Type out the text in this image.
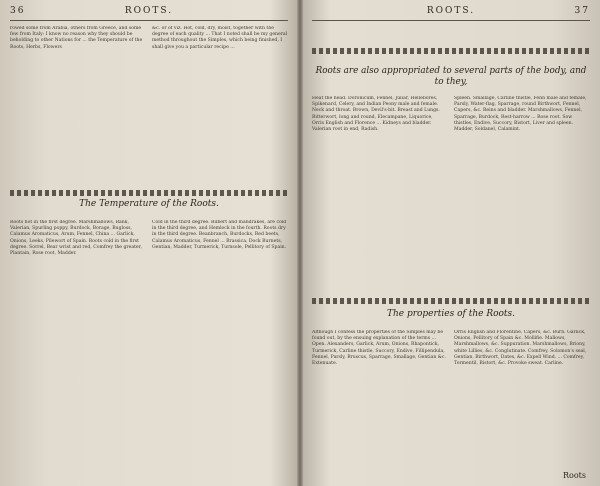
36	ROOTS.

rowed some from Arabia, others from Greece, and some few from Italy: I know no reason why they should be beholding to other Nations for ... the Temperature of the Roots, Herbs, Flowers

&c. or of viz. Hot, cold, dry, moist, together with the degree of each quality ... That I noted shall be my general method throughout the Simples, which being finished, I shall give you a particular recipe ...

The Temperature of the Roots.

Roots hot in the first degree. Marshmallows, Bank, Valerian, Spurling poppy, Burdock, Borage, Bugloss, Calamus Aromaticus, Arum, Fennel, China ... Garlick, Onions, Leeks, Pilewort of Spain. Roots cold in the first degree. Sorrel, Bear wrist and red, Comfrey the greater, Plantain, Rose root, Madder.

Cold in the third degree. Bilbert and mandrakes, are cold in the third degree, and Hemlock in the fourth. Roots dry in the third degree. Beanbranch, Burdocks, Red beets, Calamus Aromaticus, Fennel ... Brassica, Dock Burnets, Gentian, Madder, Turmerick, Turnsole, Pellitory of Spain.

ROOTS.	37
Roots are also appropriated to several parts of the body, and to they,

Heat the head. Doronicum, Fennel, Juliar, Hellebores, Spikenard, Celery, and Indian Peony male and female. Neck and throat. Brown, Devil's-bit. Breast and Lungs. Bitterwort, long and round, Elecampane, Liquorice, Orris English and Florence ... Kidneys and bladder. Valerian root in end, Radish.

Spleen. Smallage, Carline thistle, Fenn male and female, Parsly, Water-flag, Sparrage, round Birthwort, Fennel, Capers, &c. Reins and bladder. Marshmallows, Fennel, Sparrage, Burdock, Rest-harrow ... Rose root. Sow thistles, Endive, Succory, Bistort, Liver and spleen. Madder, Soldanel, Calamint.

The properties of the Roots.

Although I confess the properties of the Simples may be found out, by the ensuing explanation of the terms ... Open. Alexanders, Garlick, Arum, Onions, Rhapontick, Turmerick, Carline thistle, Succory, Endive, Fillipendula, Fennel, Parsly, Bruscus, Sparrage, Smallage, Gentian &c. Extenuate.

Orris English and Florentine, Capers, &c. Burn. Garlick, Onions, Pellitory of Spain &c. Mollifie. Mallows, Marshmallows, &c. Suppuration. Marshmallows, Briony, white Lillies, &c. Conglutinate. Comfrey, Solomon's seal, Gentian, Birthwort, Dates, &c. Expell Wind. ... Comfrey, Tormentil, Bistort, &c. Provoke sweat. Carline.

Roots
